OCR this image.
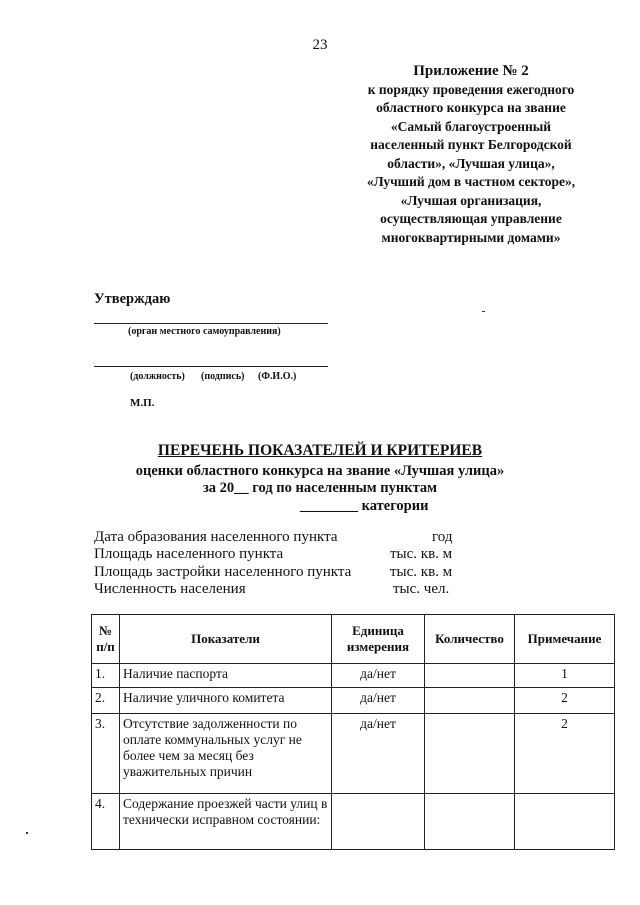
23
Приложение № 2
к порядку проведения ежегодного
областного конкурса на звание
«Самый благоустроенный
населенный пункт Белгородской
области», «Лучшая улица»,
«Лучший дом в частном секторе»,
«Лучшая организация,
осуществляющая управление
многоквартирными домами»
Утверждаю
(орган местного самоуправления)
(должность) (подпись) (Ф.И.О.)
М.П.
ПЕРЕЧЕНЬ ПОКАЗАТЕЛЕЙ И КРИТЕРИЕВ
оценки областного конкурса на звание «Лучшая улица»
за 20__ год по населенным пунктам
________ категории
Дата образования населенного пункта	год
Площадь населенного пункта	тыс. кв. м
Площадь застройки населенного пункта	тыс. кв. м
Численность населения	тыс. чел.
№ п/п	Показатели	Единица измерения	Количество	Примечание
1.	Наличие паспорта	да/нет		1
2.	Наличие уличного комитета	да/нет		2
3.	Отсутствие задолженности по оплате коммунальных услуг не более чем за месяц без уважительных причин	да/нет		2
4.	Содержание проезжей части улиц в технически исправном состоянии:			
